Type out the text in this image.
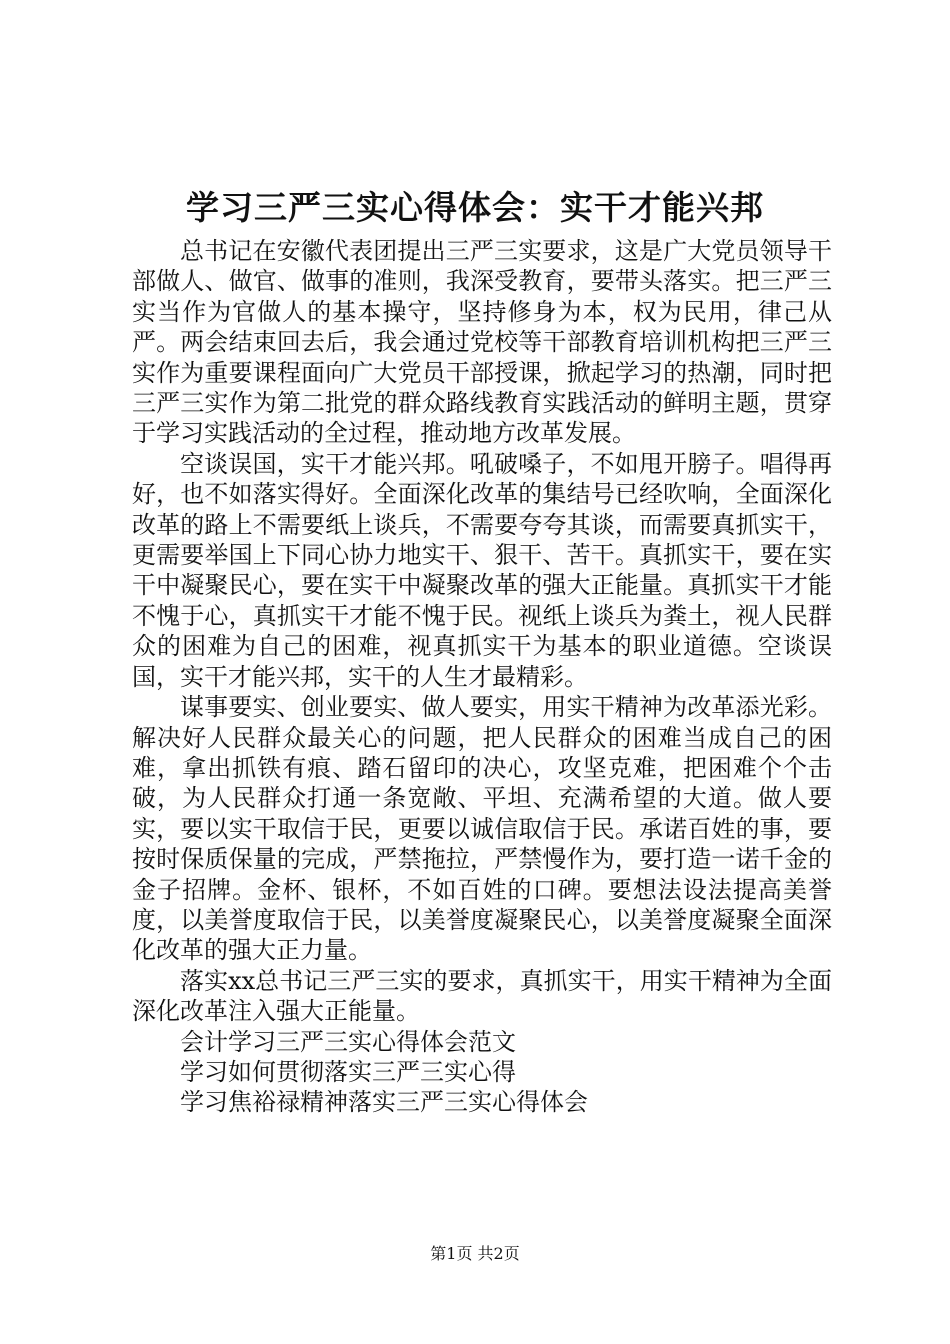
学习三严三实心得体会：实干才能兴邦

总书记在安徽代表团提出三严三实要求，这是广大党员领导干部做人、做官、做事的准则，我深受教育，要带头落实。把三严三实当作为官做人的基本操守，坚持修身为本，权为民用，律己从严。两会结束回去后，我会通过党校等干部教育培训机构把三严三实作为重要课程面向广大党员干部授课，掀起学习的热潮，同时把三严三实作为第二批党的群众路线教育实践活动的鲜明主题，贯穿于学习实践活动的全过程，推动地方改革发展。

空谈误国，实干才能兴邦。吼破嗓子，不如甩开膀子。唱得再好，也不如落实得好。全面深化改革的集结号已经吹响，全面深化改革的路上不需要纸上谈兵，不需要夸夸其谈，而需要真抓实干，更需要举国上下同心协力地实干、狠干、苦干。真抓实干，要在实干中凝聚民心，要在实干中凝聚改革的强大正能量。真抓实干才能不愧于心，真抓实干才能不愧于民。视纸上谈兵为粪土，视人民群众的困难为自己的困难，视真抓实干为基本的职业道德。空谈误国，实干才能兴邦，实干的人生才最精彩。

谋事要实、创业要实、做人要实，用实干精神为改革添光彩。解决好人民群众最关心的问题，把人民群众的困难当成自己的困难，拿出抓铁有痕、踏石留印的决心，攻坚克难，把困难个个击破，为人民群众打通一条宽敞、平坦、充满希望的大道。做人要实，要以实干取信于民，更要以诚信取信于民。承诺百姓的事，要按时保质保量的完成，严禁拖拉，严禁慢作为，要打造一诺千金的金子招牌。金杯、银杯，不如百姓的口碑。要想法设法提高美誉度，以美誉度取信于民，以美誉度凝聚民心，以美誉度凝聚全面深化改革的强大正力量。

落实xx总书记三严三实的要求，真抓实干，用实干精神为全面深化改革注入强大正能量。

会计学习三严三实心得体会范文

学习如何贯彻落实三严三实心得

学习焦裕禄精神落实三严三实心得体会

第1页 共2页
